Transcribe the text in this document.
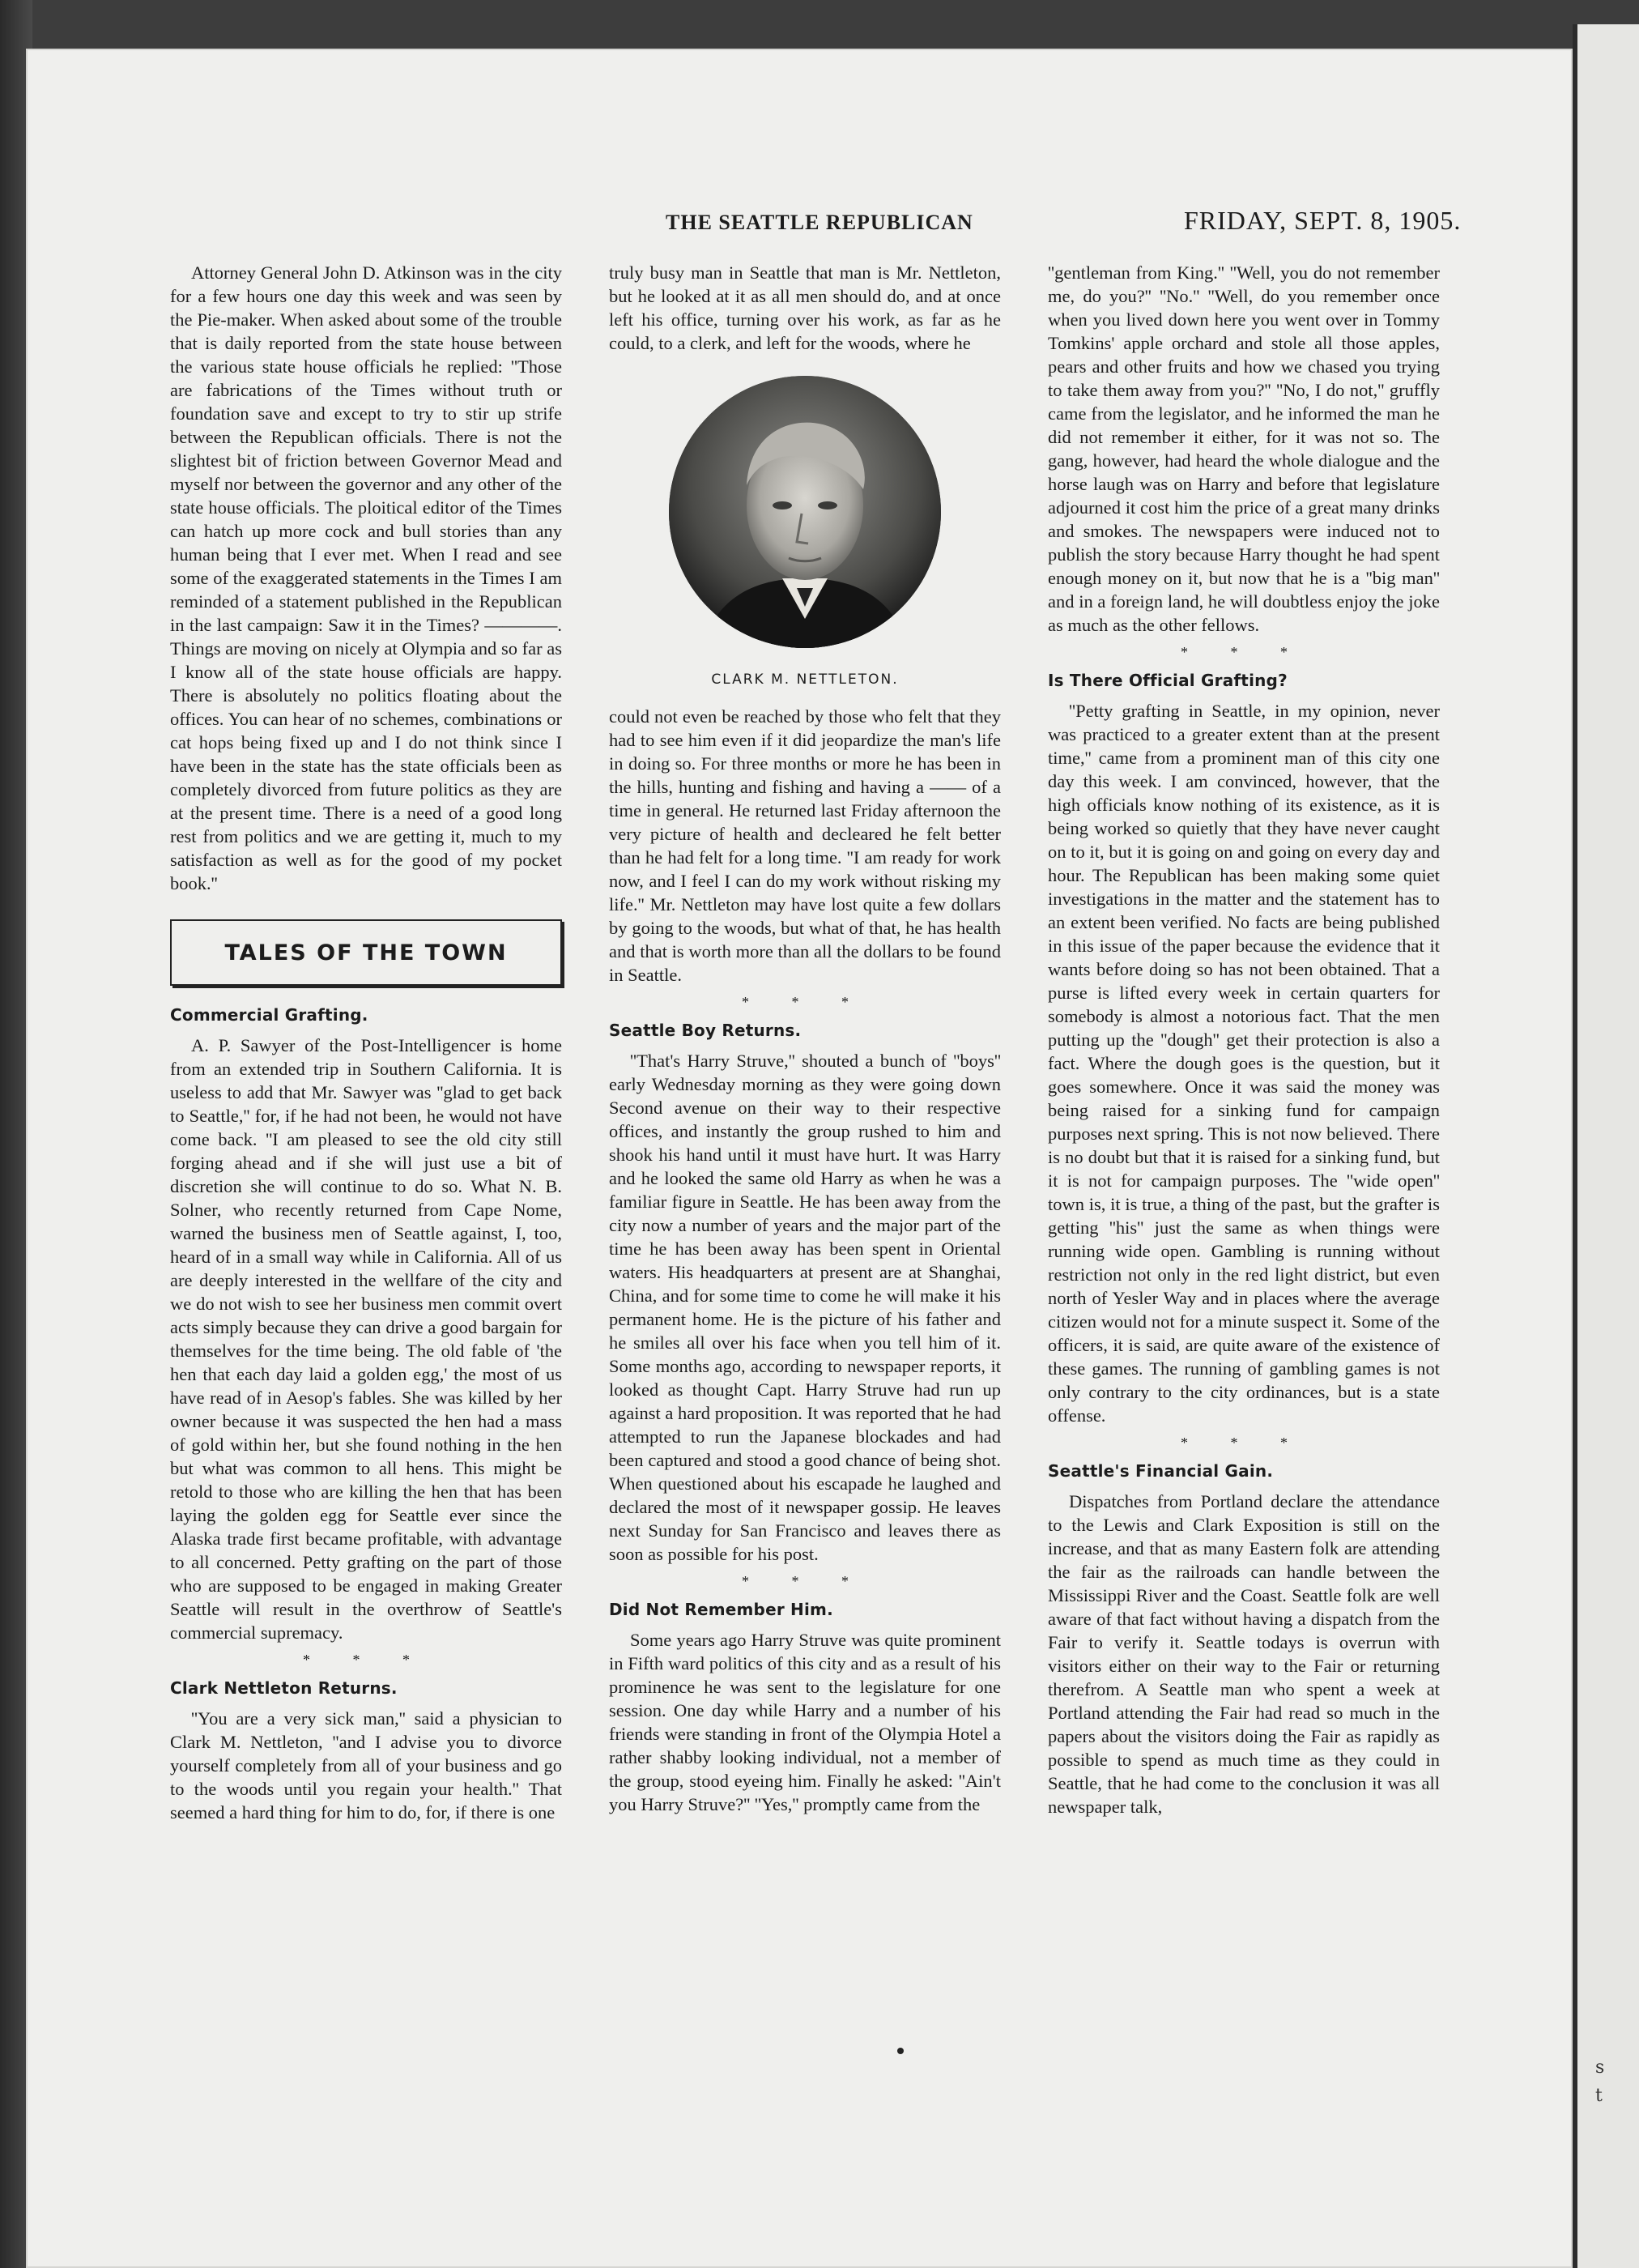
s
t
THE SEATTLE REPUBLICAN	FRIDAY, SEPT. 8, 1905.

Attorney General John D. Atkinson was in the city for a few hours one day this week and was seen by the Pie-maker. When asked about some of the trouble that is daily reported from the state house between the various state house officials he replied: ''Those are fabrications of the Times without truth or foundation save and except to try to stir up strife between the Republican officials. There is not the slightest bit of friction between Governor Mead and myself nor between the governor and any other of the state house officials. The ploitical editor of the Times can hatch up more cock and bull stories than any human being that I ever met. When I read and see some of the exaggerated statements in the Times I am reminded of a statement published in the Republican in the last campaign: Saw it in the Times? ————. Things are moving on nicely at Olympia and so far as I know all of the state house officials are happy. There is absolutely no politics floating about the offices. You can hear of no schemes, combinations or cat hops being fixed up and I do not think since I have been in the state has the state officials been as completely divorced from future politics as they are at the present time. There is a need of a good long rest from politics and we are getting it, much to my satisfaction as well as for the good of my pocket book.''

TALES OF THE TOWN
Commercial Grafting.

A. P. Sawyer of the Post-Intelligencer is home from an extended trip in Southern California. It is useless to add that Mr. Sawyer was ''glad to get back to Seattle,'' for, if he had not been, he would not have come back. ''I am pleased to see the old city still forging ahead and if she will just use a bit of discretion she will continue to do so. What N. B. Solner, who recently returned from Cape Nome, warned the business men of Seattle against, I, too, heard of in a small way while in California. All of us are deeply interested in the wellfare of the city and we do not wish to see her business men commit overt acts simply because they can drive a good bargain for themselves for the time being. The old fable of 'the hen that each day laid a golden egg,' the most of us have read of in Aesop's fables. She was killed by her owner because it was suspected the hen had a mass of gold within her, but she found nothing in the hen but what was common to all hens. This might be retold to those who are killing the hen that has been laying the golden egg for Seattle ever since the Alaska trade first became profitable, with advantage to all concerned. Petty grafting on the part of those who are supposed to be engaged in making Greater Seattle will result in the overthrow of Seattle's commercial supremacy.

* * *
Clark Nettleton Returns.

''You are a very sick man,'' said a physician to Clark M. Nettleton, ''and I advise you to divorce yourself completely from all of your business and go to the woods until you regain your health.'' That seemed a hard thing for him to do, for, if there is one

truly busy man in Seattle that man is Mr. Nettleton, but he looked at it as all men should do, and at once left his office, turning over his work, as far as he could, to a clerk, and left for the woods, where he

CLARK M. NETTLETON.

could not even be reached by those who felt that they had to see him even if it did jeopardize the man's life in doing so. For three months or more he has been in the hills, hunting and fishing and having a —— of a time in general. He returned last Friday afternoon the very picture of health and decleared he felt better than he had felt for a long time. ''I am ready for work now, and I feel I can do my work without risking my life.'' Mr. Nettleton may have lost quite a few dollars by going to the woods, but what of that, he has health and that is worth more than all the dollars to be found in Seattle.

* * *
Seattle Boy Returns.

''That's Harry Struve,'' shouted a bunch of ''boys'' early Wednesday morning as they were going down Second avenue on their way to their respective offices, and instantly the group rushed to him and shook his hand until it must have hurt. It was Harry and he looked the same old Harry as when he was a familiar figure in Seattle. He has been away from the city now a number of years and the major part of the time he has been away has been spent in Oriental waters. His headquarters at present are at Shanghai, China, and for some time to come he will make it his permanent home. He is the picture of his father and he smiles all over his face when you tell him of it. Some months ago, according to newspaper reports, it looked as thought Capt. Harry Struve had run up against a hard proposition. It was reported that he had attempted to run the Japanese blockades and had been captured and stood a good chance of being shot. When questioned about his escapade he laughed and declared the most of it newspaper gossip. He leaves next Sunday for San Francisco and leaves there as soon as possible for his post.

* * *
Did Not Remember Him.

Some years ago Harry Struve was quite prominent in Fifth ward politics of this city and as a result of his prominence he was sent to the legislature for one session. One day while Harry and a number of his friends were standing in front of the Olympia Hotel a rather shabby looking individual, not a member of the group, stood eyeing him. Finally he asked: ''Ain't you Harry Struve?'' ''Yes,'' promptly came from the

''gentleman from King.'' ''Well, you do not remember me, do you?'' ''No.'' ''Well, do you remember once when you lived down here you went over in Tommy Tomkins' apple orchard and stole all those apples, pears and other fruits and how we chased you trying to take them away from you?'' ''No, I do not,'' gruffly came from the legislator, and he informed the man he did not remember it either, for it was not so. The gang, however, had heard the whole dialogue and the horse laugh was on Harry and before that legislature adjourned it cost him the price of a great many drinks and smokes. The newspapers were induced not to publish the story because Harry thought he had spent enough money on it, but now that he is a ''big man'' and in a foreign land, he will doubtless enjoy the joke as much as the other fellows.

* * *
Is There Official Grafting?

''Petty grafting in Seattle, in my opinion, never was practiced to a greater extent than at the present time,'' came from a prominent man of this city one day this week. I am convinced, however, that the high officials know nothing of its existence, as it is being worked so quietly that they have never caught on to it, but it is going on and going on every day and hour. The Republican has been making some quiet investigations in the matter and the statement has to an extent been verified. No facts are being published in this issue of the paper because the evidence that it wants before doing so has not been obtained. That a purse is lifted every week in certain quarters for somebody is almost a notorious fact. That the men putting up the ''dough'' get their protection is also a fact. Where the dough goes is the question, but it goes somewhere. Once it was said the money was being raised for a sinking fund for campaign purposes next spring. This is not now believed. There is no doubt but that it is raised for a sinking fund, but it is not for campaign purposes. The ''wide open'' town is, it is true, a thing of the past, but the grafter is getting ''his'' just the same as when things were running wide open. Gambling is running without restriction not only in the red light district, but even north of Yesler Way and in places where the average citizen would not for a minute suspect it. Some of the officers, it is said, are quite aware of the existence of these games. The running of gambling games is not only contrary to the city ordinances, but is a state offense.

* * *
Seattle's Financial Gain.

Dispatches from Portland declare the attendance to the Lewis and Clark Exposition is still on the increase, and that as many Eastern folk are attending the fair as the railroads can handle between the Mississippi River and the Coast. Seattle folk are well aware of that fact without having a dispatch from the Fair to verify it. Seattle todays is overrun with visitors either on their way to the Fair or returning therefrom. A Seattle man who spent a week at Portland attending the Fair had read so much in the papers about the visitors doing the Fair as rapidly as possible to spend as much time as they could in Seattle, that he had come to the conclusion it was all newspaper talk,
